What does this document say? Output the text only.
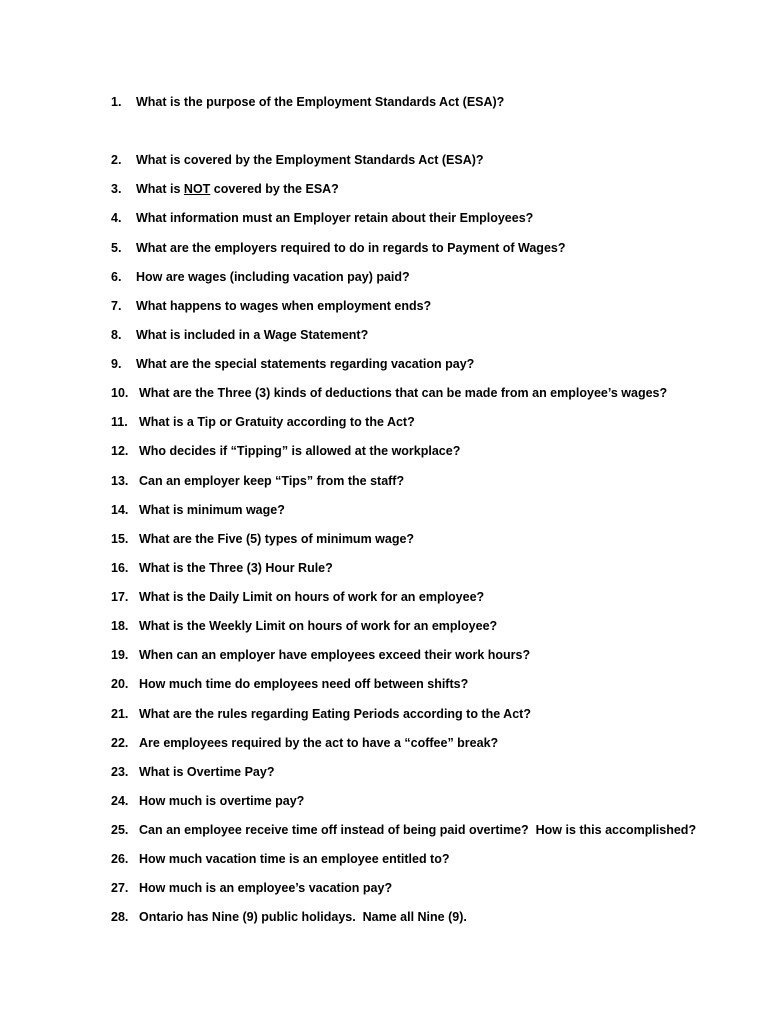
1. What is the purpose of the Employment Standards Act (ESA)?
2. What is covered by the Employment Standards Act (ESA)?
3. What is NOT covered by the ESA?
4. What information must an Employer retain about their Employees?
5. What are the employers required to do in regards to Payment of Wages?
6. How are wages (including vacation pay) paid?
7. What happens to wages when employment ends?
8. What is included in a Wage Statement?
9. What are the special statements regarding vacation pay?
10. What are the Three (3) kinds of deductions that can be made from an employee’s wages?
11. What is a Tip or Gratuity according to the Act?
12. Who decides if “Tipping” is allowed at the workplace?
13. Can an employer keep “Tips” from the staff?
14. What is minimum wage?
15. What are the Five (5) types of minimum wage?
16. What is the Three (3) Hour Rule?
17. What is the Daily Limit on hours of work for an employee?
18. What is the Weekly Limit on hours of work for an employee?
19. When can an employer have employees exceed their work hours?
20. How much time do employees need off between shifts?
21. What are the rules regarding Eating Periods according to the Act?
22. Are employees required by the act to have a “coffee” break?
23. What is Overtime Pay?
24. How much is overtime pay?
25. Can an employee receive time off instead of being paid overtime?  How is this accomplished?
26. How much vacation time is an employee entitled to?
27. How much is an employee’s vacation pay?
28. Ontario has Nine (9) public holidays.  Name all Nine (9).
